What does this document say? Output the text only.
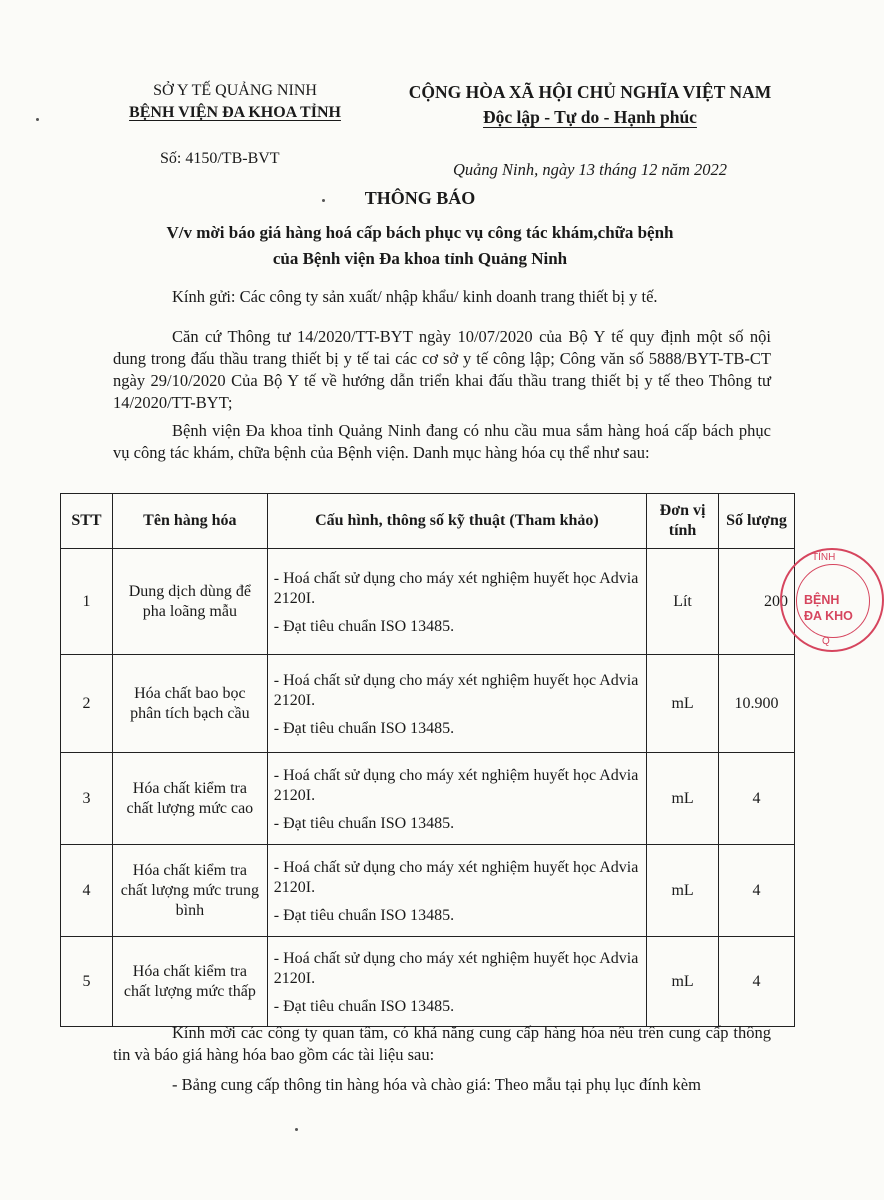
SỞ Y TẾ QUẢNG NINH
BỆNH VIỆN ĐA KHOA TỈNH
CỘNG HÒA XÃ HỘI CHỦ NGHĨA VIỆT NAM
Độc lập - Tự do - Hạnh phúc
Số: 4150/TB-BVT
Quảng Ninh, ngày 13 tháng 12 năm 2022
THÔNG BÁO
V/v mời báo giá hàng hoá cấp bách phục vụ công tác khám,chữa bệnh
của Bệnh viện Đa khoa tỉnh Quảng Ninh
Kính gửi: Các công ty sản xuất/ nhập khẩu/ kinh doanh trang thiết bị y tế.

Căn cứ Thông tư 14/2020/TT-BYT ngày 10/07/2020 của Bộ Y tế quy định một số nội dung trong đấu thầu trang thiết bị y tế tai các cơ sở y tế công lập; Công văn số 5888/BYT-TB-CT ngày 29/10/2020 Của Bộ Y tế về hướng dẫn triển khai đấu thầu trang thiết bị y tế theo Thông tư 14/2020/TT-BYT;

Bệnh viện Đa khoa tỉnh Quảng Ninh đang có nhu cầu mua sắm hàng hoá cấp bách phục vụ công tác khám, chữa bệnh của Bệnh viện. Danh mục hàng hóa cụ thể như sau:

STT	Tên hàng hóa	Cấu hình, thông số kỹ thuật (Tham khảo)	Đơn vị tính	Số lượng
1	Dung dịch dùng để pha loãng mẫu	- Hoá chất sử dụng cho máy xét nghiệm huyết học Advia 2120I.
- Đạt tiêu chuẩn ISO 13485.	Lít	200
2	Hóa chất bao bọc phân tích bạch cầu	- Hoá chất sử dụng cho máy xét nghiệm huyết học Advia 2120I.
- Đạt tiêu chuẩn ISO 13485.	mL	10.900
3	Hóa chất kiểm tra chất lượng mức cao	- Hoá chất sử dụng cho máy xét nghiệm huyết học Advia 2120I.
- Đạt tiêu chuẩn ISO 13485.	mL	4
4	Hóa chất kiểm tra chất lượng mức trung bình	- Hoá chất sử dụng cho máy xét nghiệm huyết học Advia 2120I.
- Đạt tiêu chuẩn ISO 13485.	mL	4
5	Hóa chất kiểm tra chất lượng mức thấp	- Hoá chất sử dụng cho máy xét nghiệm huyết học Advia 2120I.
- Đạt tiêu chuẩn ISO 13485.	mL	4
TỈNH
BỆNH
ĐA KHO
Q

Kính mời các công ty quan tâm, có khả năng cung cấp hàng hóa nêu trên cung cấp thông tin và báo giá hàng hóa bao gồm các tài liệu sau:

- Bảng cung cấp thông tin hàng hóa và chào giá: Theo mẫu tại phụ lục đính kèm
